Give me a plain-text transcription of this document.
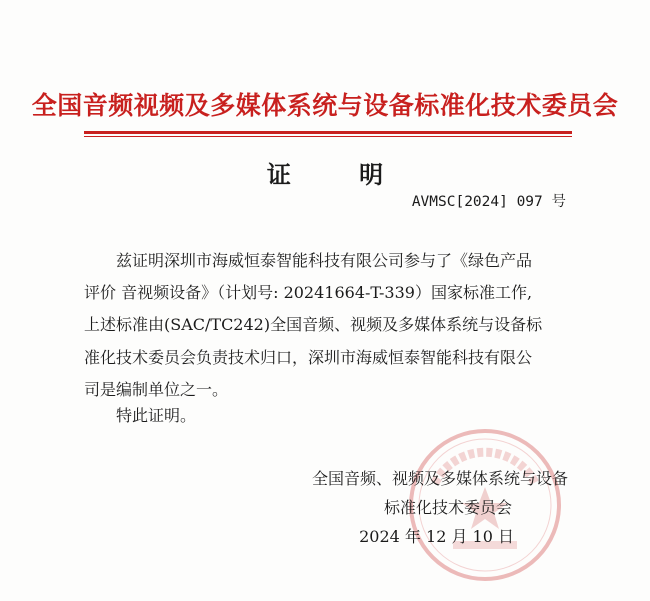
全国音频视频及多媒体系统与设备标准化技术委员会
证 明
AVMSC[2024] 097 号
兹证明深圳市海威恒泰智能科技有限公司参与了《绿色产品
评价 音视频设备》（计划号: 20241664-T-339）国家标准工作,
上述标准由(SAC/TC242)全国音频、视频及多媒体系统与设备标
准化技术委员会负责技术归口，深圳市海威恒泰智能科技有限公
司是编制单位之一。
特此证明。
全国音频、视频及多媒体系统与设备
标准化技术委员会
2024 年 12 月 10 日
